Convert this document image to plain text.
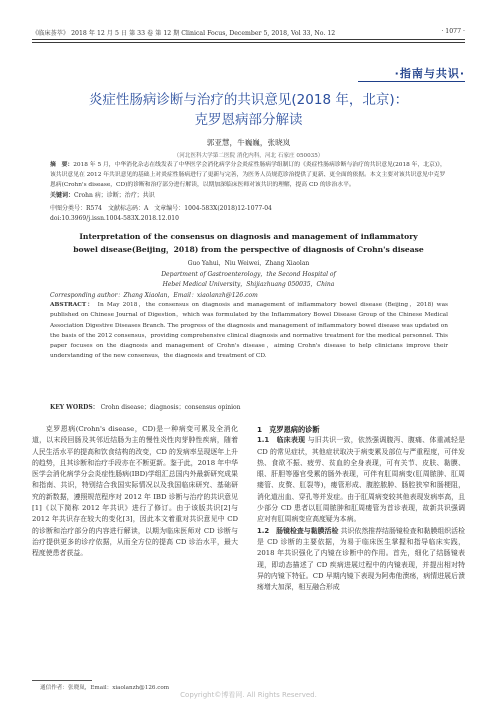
《临床荟萃》 2018 年 12 月 5 日 第 33 卷 第 12 期 Clinical Focus, December 5, 2018, Vol 33, No. 12	· 1077 ·
·指南与共识·
炎症性肠病诊断与治疗的共识意见(2018 年，北京)：
克罗恩病部分解读
郭亚慧，牛巍巍，张晓岚
（河北医科大学第二医院 消化内科，河北 石家庄 050035）
摘　要：2018 年 5 月，中华消化杂志在线发表了中华医学会消化病学分会炎症性肠病学组制订的《炎症性肠病诊断与治疗的共识意见(2018 年，北京)》，该共识意见在 2012 年共识意见的基础上对炎症性肠病进行了更新与完善，为医务人员规范诊治提供了更新、更全面的依据。本文主要对该共识意见中克罗恩病(Crohn's disease，CD)的诊断和治疗部分进行解读，以期加深临床医师对该共识的理解，提高 CD 的诊治水平。
关键词：Crohn 病；诊断；治疗；共识
中图分类号：R574　文献标志码：A　文章编号：1004-583X(2018)12-1077-04
doi:10.3969/j.issn.1004-583X.2018.12.010
Interpretation of the consensus on diagnosis and management of inflammatory
bowel disease(Beijing，2018) from the perspective of diagnosis of Crohn's disease
Guo Yahui，Niu Weiwei，Zhang Xiaolan
Department of Gastroenterology，the Second Hospital of
Hebei Medical University，Shijiazhuang 050035，China
Corresponding author：Zhang Xiaolan，Email：xiaolanzh@126.com
ABSTRACT： In May 2018，the consensus on diagnosis and management of inflammatory bowel disease (Beijing，2018) was published on Chinese Journal of Digestion，which was formulated by the Inflammatory Bowel Disease Group of the Chinese Medical Association Digestive Diseases Branch. The progress of the diagnosis and management of inflammatory bowel disease was updated on the basis of the 2012 consensus，providing comprehensive clinical diagnosis and normative treatment for the medical personnel. This paper focuses on the diagnosis and management of Crohn's disease，aiming Crohn's disease to help clinicians improve their understanding of the new consensus，the diagnosis and treatment of CD.
KEY WORDS： Crohn disease；diagnosis；consensus opinion

克罗恩病(Crohn's disease，CD)是一种病变可累及全消化道，以末段回肠及其邻近结肠为主的慢性炎性肉芽肿性疾病，随着人民生活水平的提高和饮食结构的改变，CD 的发病率呈现逐年上升的趋势，且其诊断和治疗手段亦在不断更新。鉴于此，2018 年中华医学会消化病学分会炎症性肠病(IBD)学组汇总国内外最新研究成果和指南、共识，特别结合我国实际情况以及我国临床研究、基础研究的新数据，遵照规范程序对 2012 年 IBD 诊断与治疗的共识意见[1]《以下简称 2012 年共识》进行了修订。由于该版共识[2]与 2012 年共识存在较大的变化[3]，因此本文着重对共识意见中 CD 的诊断和治疗部分的内容进行解读，以期为临床医师对 CD 诊断与治疗提供更多的诊疗依据，从而全方位的提高 CD 诊治水平，最大程度使患者获益。

1　克罗恩病的诊断

1.1　临床表现 与旧共识一致，依然强调腹泻、腹痛、体重减轻是 CD 的常见症状，其他症状取决于病变累及部位与严重程度，可伴发热、食欲不振、疲劳、贫血的全身表现，可有关节、皮肤、黏膜、眼、肝胆等器官受累的肠外表现，可伴有肛周病变(肛周脓肿、肛周瘘管、皮赘、肛裂等)，瘘管形成、腹腔脓肿、肠腔狭窄和肠梗阻，消化道出血、穿孔等并发症。由于肛周病变较其他表现发病率高，且少部分 CD 患者以肛周脓肿和肛周瘘管为首诊表现，故新共识强调应对有肛周病变应高度疑为本病。

1.2　肠镜检查与黏膜活检 共识依然推荐结肠镜检查和黏膜组织活检是 CD 诊断的主要依据，为易于临床医生掌握和指导临床实践，2018 年共识强化了内镜在诊断中的作用。首先，细化了结肠镜表现，即动态描述了 CD 疾病进展过程中的内镜表现，并提出相对特异的内镜下特征。CD 早期内镜下表现为阿弗他溃疡，病情进展后溃疡增大加深，相互融合形成

通信作者：张晓岚，Email：xiaolanzh@126.com
Copyright©博看网. All Rights Reserved.
